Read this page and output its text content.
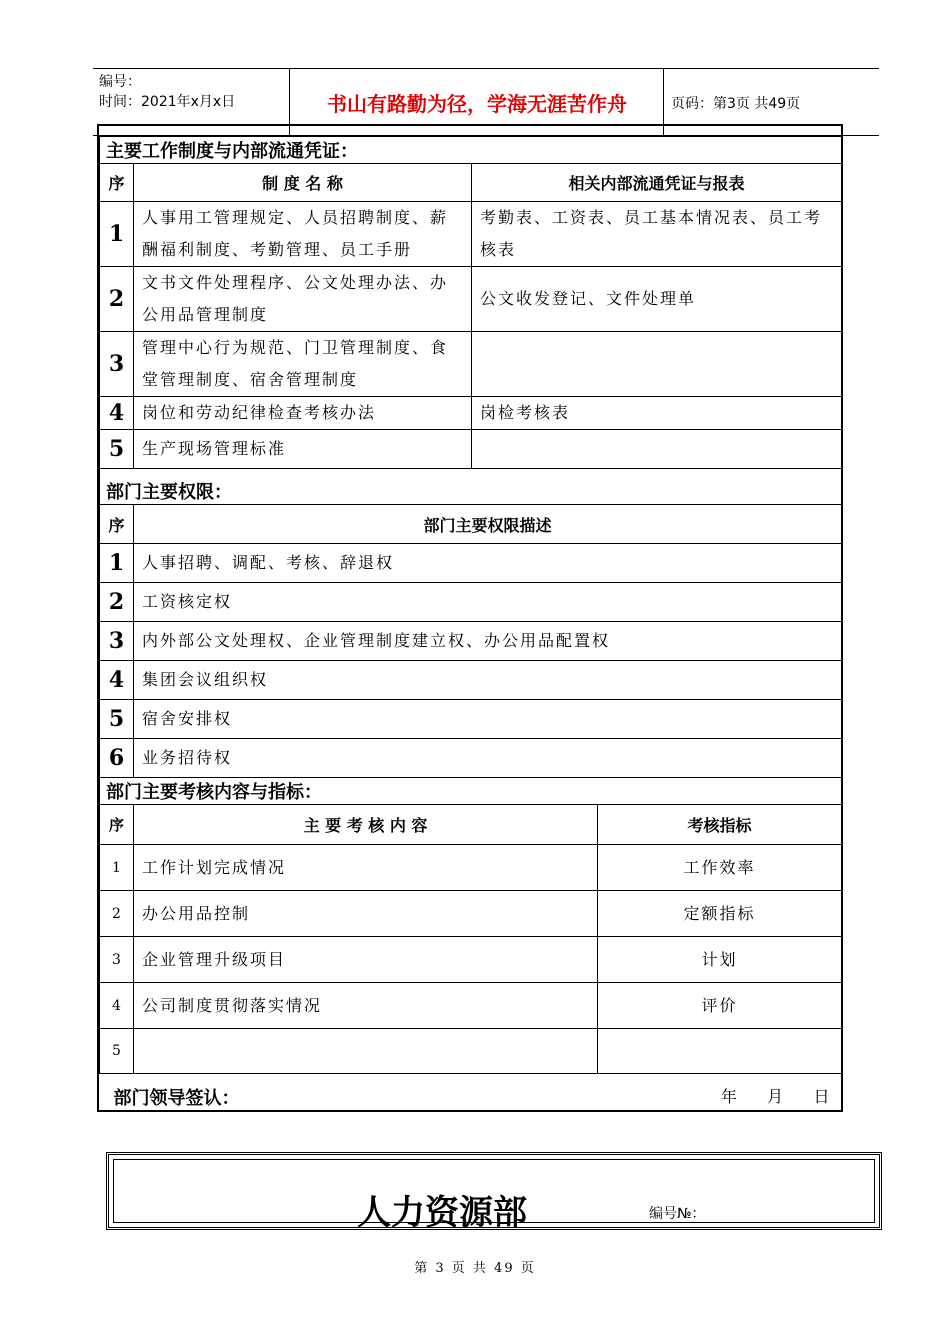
编号：
时间：2021年x月x日	书山有路勤为径，学海无涯苦作舟	页码：第3页 共49页
主要工作制度与内部流通凭证：		
序	制 度 名 称	相关内部流通凭证与报表
1	人事用工管理规定、人员招聘制度、薪酬福利制度、考勤管理、员工手册	考勤表、工资表、员工基本情况表、员工考核表
2	文书文件处理程序、公文处理办法、办公用品管理制度	公文收发登记、文件处理单
3	管理中心行为规范、门卫管理制度、食堂管理制度、宿舍管理制度	
4	岗位和劳动纪律检查考核办法	岗检考核表
5	生产现场管理标准	
部门主要权限：	
序	部门主要权限描述
1	人事招聘、调配、考核、辞退权
2	工资核定权
3	内外部公文处理权、企业管理制度建立权、办公用品配置权
4	集团会议组织权
5	宿舍安排权
6	业务招待权
部门主要考核内容与指标：		
序	主 要 考 核 内 容	考核指标
1	工作计划完成情况	工作效率
2	办公用品控制	定额指标
3	企业管理升级项目	计划
4	公司制度贯彻落实情况	评价
5		

部门领导签认： 年    月    日		
人力资源部	编号№：
第 3 页 共 49 页
